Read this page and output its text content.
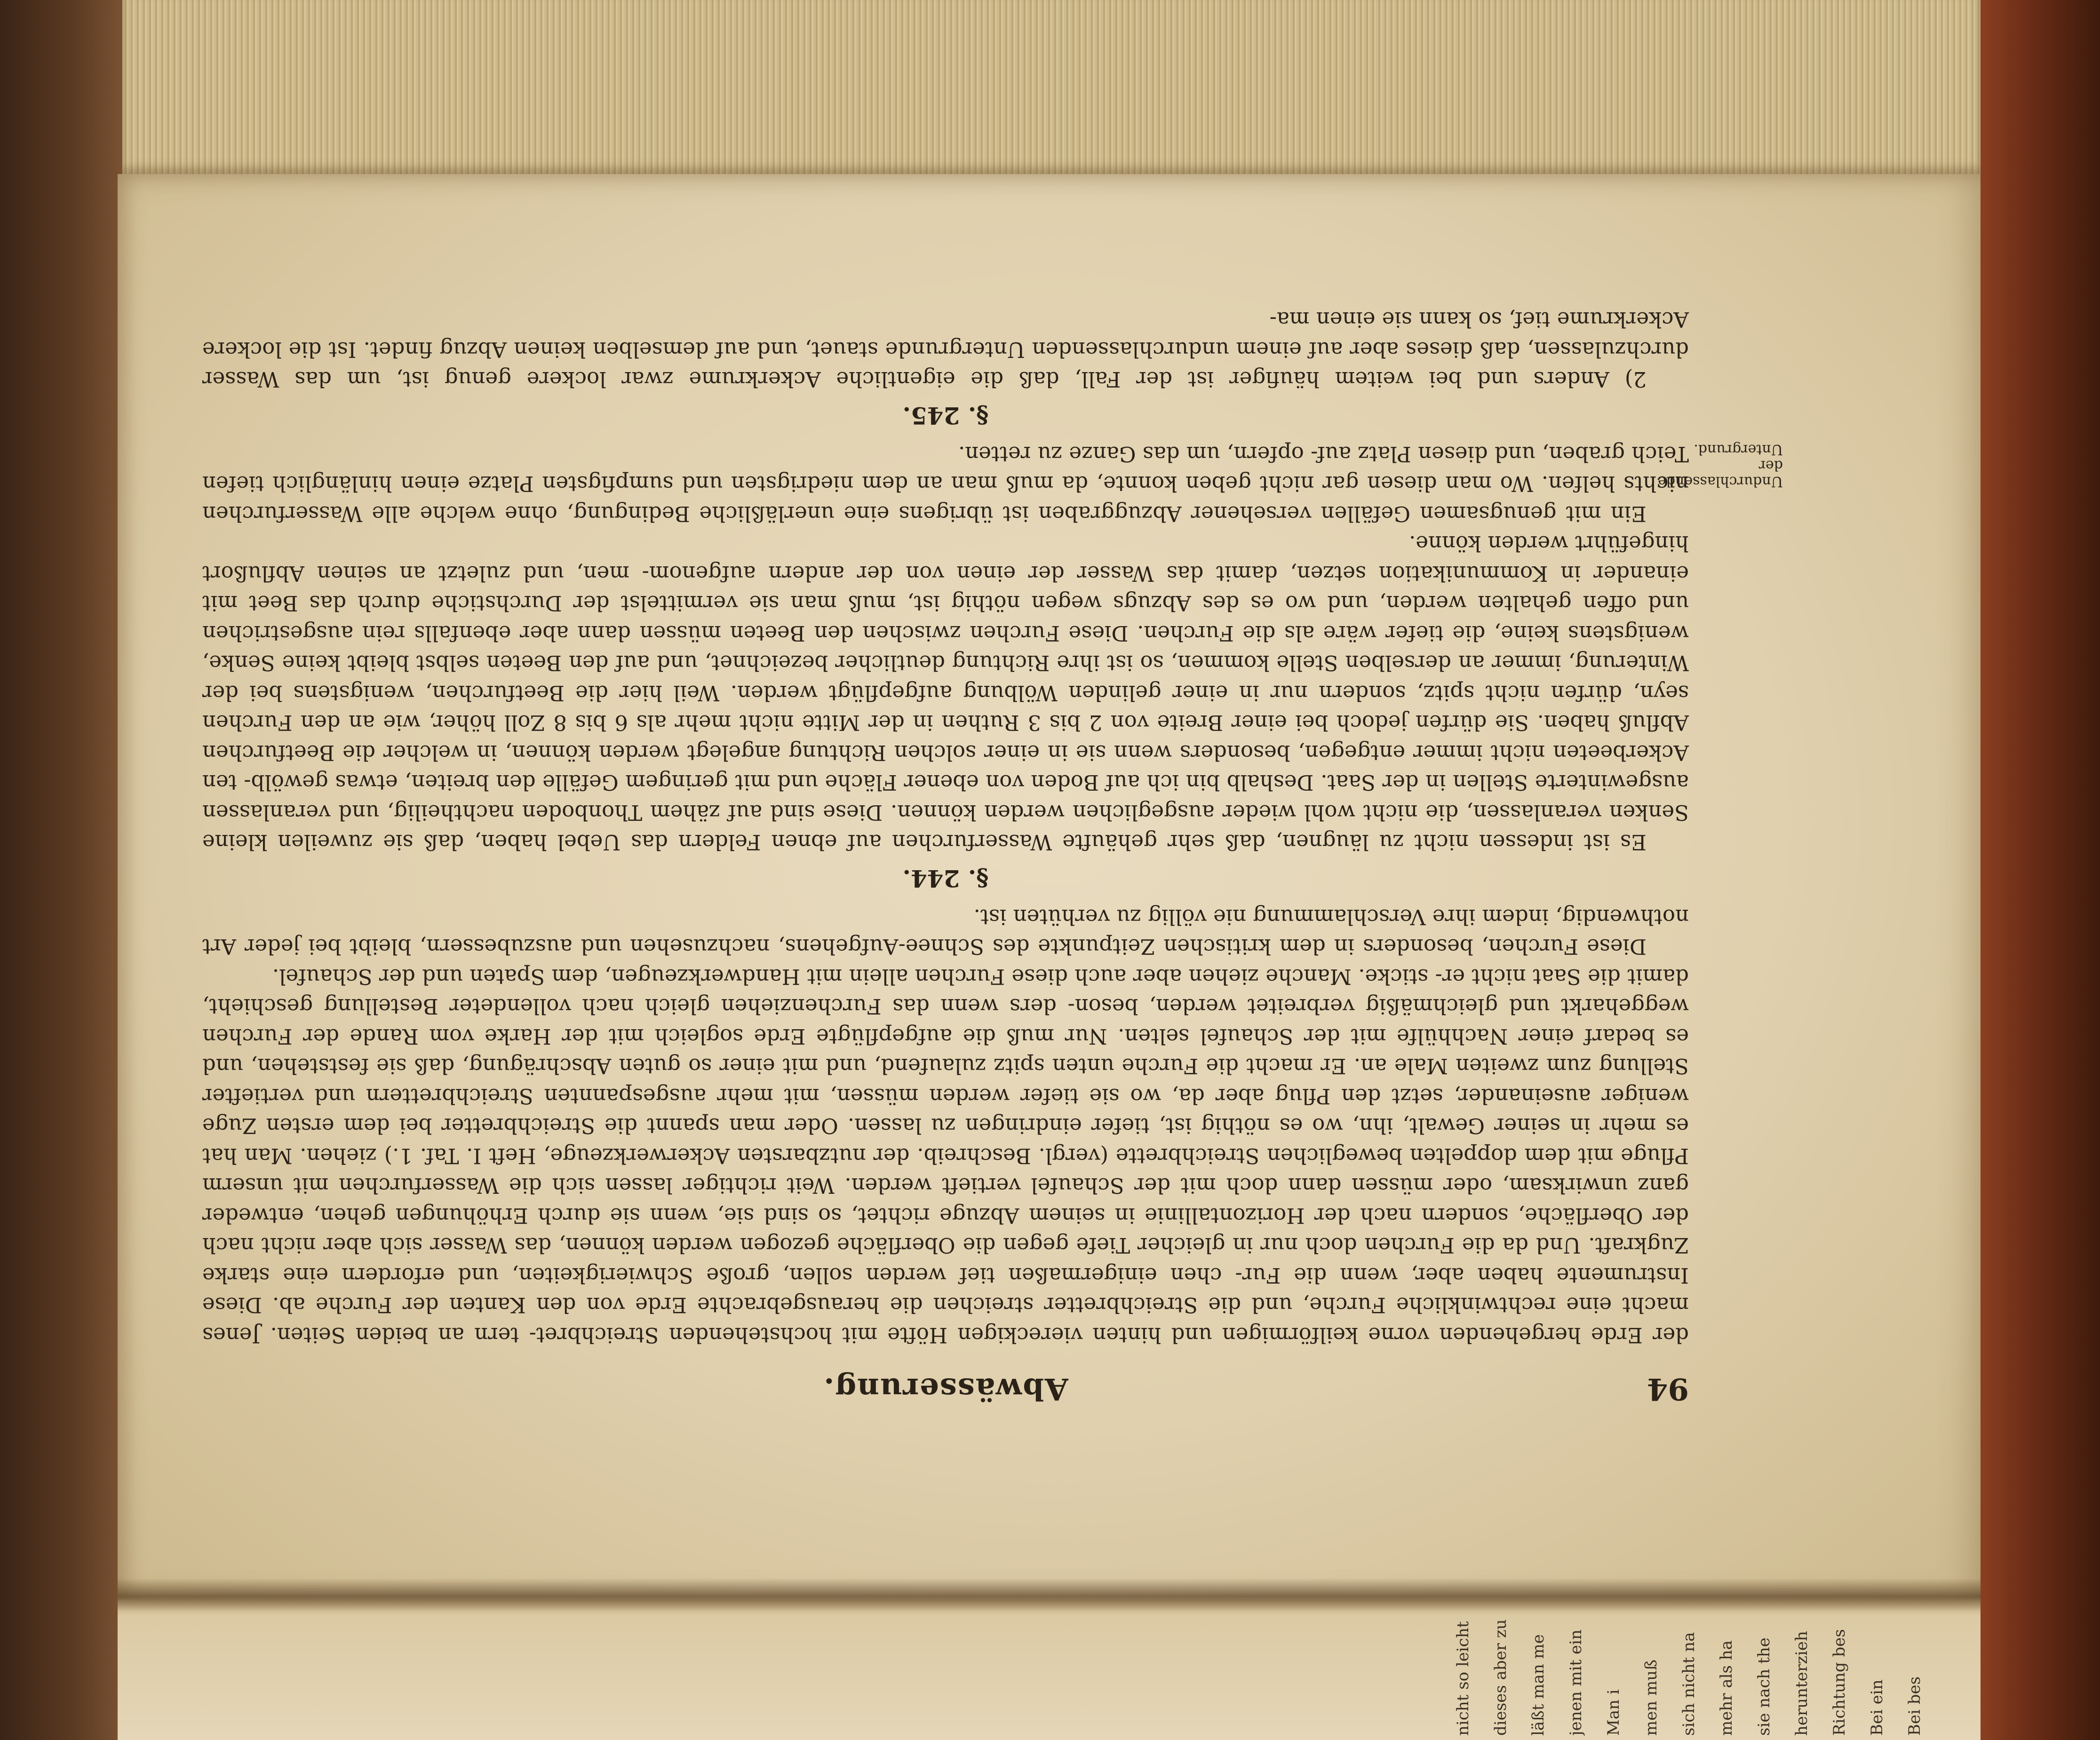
94
Abwässerung.

der Erde hergehenden vorne keilförmigen und hinten viereckigen Höfte mit hochstehenden Streichbret- tern an beiden Seiten. Jenes macht eine rechtwinkliche Furche, und die Streichbretter streichen die herausgebrachte Erde von den Kanten der Furche ab. Diese Instrumente haben aber, wenn die Fur- chen einigermaßen tief werden sollen, große Schwierigkeiten, und erfordern eine starke Zugkraft. Und da die Furchen doch nur in gleicher Tiefe gegen die Oberfläche gezogen werden können, das Wasser sich aber nicht nach der Oberfläche, sondern nach der Horizontallinie in seinem Abzuge richtet, so sind sie, wenn sie durch Erhöhungen gehen, entweder ganz unwirksam, oder müssen dann doch mit der Schaufel vertieft werden. Weit richtiger lassen sich die Wasserfurchen mit unserm Pfluge mit dem doppelten beweglichen Streichbrette (vergl. Beschreib. der nutzbarsten Ackerwerkzeuge, Heft I. Taf. 1.) ziehen. Man hat es mehr in seiner Gewalt, ihn, wo es nöthig ist, tiefer eindringen zu lassen. Oder man spannt die Streichbretter bei dem ersten Zuge weniger auseinander, setzt den Pflug aber da, wo sie tiefer werden müssen, mit mehr ausgespannten Streichbrettern und vertiefter Stellung zum zweiten Male an. Er macht die Furche unten spitz zulaufend, und mit einer so guten Abschrägung, daß sie feststehen, und es bedarf einer Nachhülfe mit der Schaufel selten. Nur muß die aufgepflügte Erde sogleich mit der Harke vom Rande der Furchen weggeharkt und gleichmäßig verbreitet werden, beson- ders wenn das Furchenziehen gleich nach vollendeter Bestellung geschieht, damit die Saat nicht er- sticke. Manche ziehen aber auch diese Furchen allein mit Handwerkzeugen, dem Spaten und der Schaufel.

Diese Furchen, besonders in dem kritischen Zeitpunkte des Schnee-Aufgehens, nachzusehen und auszubessern, bleibt bei jeder Art nothwendig, indem ihre Verschlammung nie völlig zu verhüten ist.

§. 244.

Es ist indessen nicht zu läugnen, daß sehr gehäufte Wasserfurchen auf ebnen Feldern das Uebel haben, daß sie zuweilen kleine Senken veranlassen, die nicht wohl wieder ausgeglichen werden können. Diese sind auf zähem Thonboden nachtheilig, und veranlassen ausgewinterte Stellen in der Saat. Deshalb bin ich auf Boden von ebener Fläche und mit geringem Gefälle den breiten, etwas gewölb- ten Ackerbeeten nicht immer entgegen, besonders wenn sie in einer solchen Richtung angelegt werden können, in welcher die Beetfurchen Abfluß haben. Sie dürfen jedoch bei einer Breite von 2 bis 3 Ruthen in der Mitte nicht mehr als 6 bis 8 Zoll höher, wie an den Furchen seyn, dürfen nicht spitz, sondern nur in einer gelinden Wölbung aufgepflügt werden. Weil hier die Beetfurchen, wenigstens bei der Winterung, immer an derselben Stelle kommen, so ist ihre Richtung deutlicher bezeichnet, und auf den Beeten selbst bleibt keine Senke, wenigstens keine, die tiefer wäre als die Furchen. Diese Furchen zwischen den Beeten müssen dann aber ebenfalls rein ausgestrichen und offen gehalten werden, und wo es des Abzugs wegen nöthig ist, muß man sie vermittelst der Durchstiche durch das Beet mit einander in Kommunikation setzen, damit das Wasser der einen von der andern aufgenom- men, und zuletzt an seinen Abflußort hingeführt werden könne.

Ein mit genugsamen Gefällen versehener Abzuggraben ist übrigens eine unerläßliche Bedingung, ohne welche alle Wasserfurchen nichts helfen. Wo man diesen gar nicht geben konnte, da muß man an dem niedrigsten und sumpfigsten Platze einen hinlänglich tiefen Teich graben, und diesen Platz auf- opfern, um das Ganze zu retten.

§. 245.

2) Anders und bei weitem häufiger ist der Fall, daß die eigentliche Ackerkrume zwar lockere genug ist, um das Wasser durchzulassen, daß dieses aber auf einem undurchlassenden Untergrunde stauet, und auf demselben keinen Abzug findet. Ist die lockere Ackerkrume tief, so kann sie einen ma-

Undurchlassende der Untergrund.
Bei bes
Bei ein
Richtung bes
herunterzieh
sie nach the
mehr als ha
sich nicht na
men muß
Man i
jenen mit ein
läßt man me
dieses aber zu
nicht so leicht
